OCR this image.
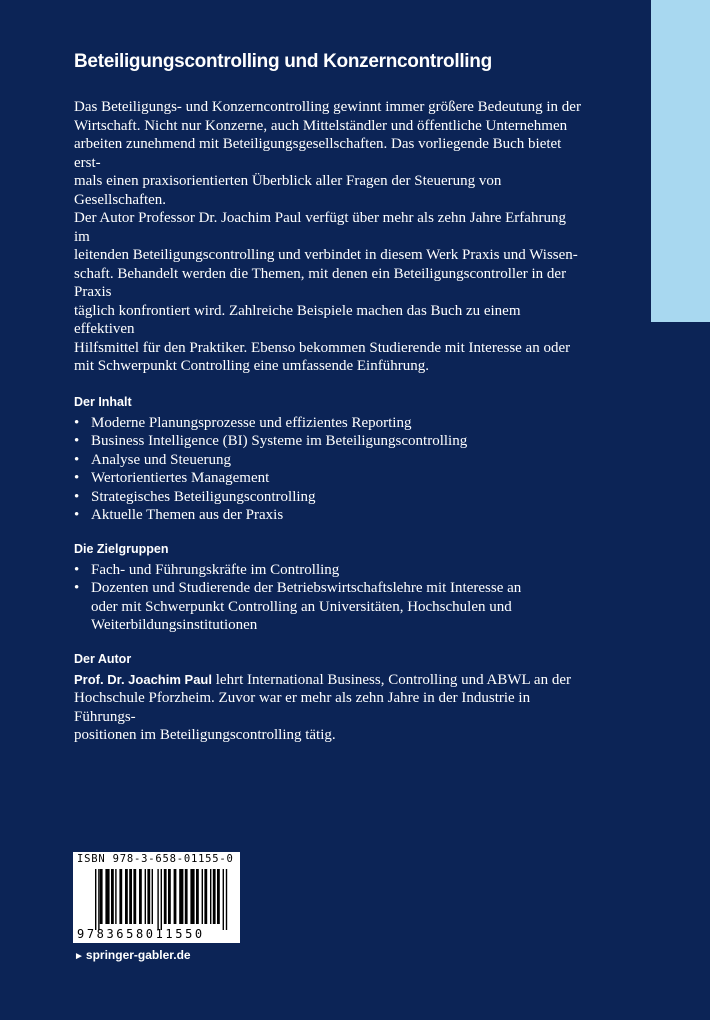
Beteiligungscontrolling und Konzerncontrolling

Das Beteiligungs- und Konzerncontrolling gewinnt immer größere Bedeutung in der

Wirtschaft. Nicht nur Konzerne, auch Mittelständler und öffentliche Unternehmen

arbeiten zunehmend mit Beteiligungsgesellschaften. Das vorliegende Buch bietet erst-

mals einen praxisorientierten Überblick aller Fragen der Steuerung von Gesellschaften.

Der Autor Professor Dr. Joachim Paul verfügt über mehr als zehn Jahre Erfahrung im

leitenden Beteiligungscontrolling und verbindet in diesem Werk Praxis und Wissen-

schaft. Behandelt werden die Themen, mit denen ein Beteiligungscontroller in der Praxis

täglich konfrontiert wird. Zahlreiche Beispiele machen das Buch zu einem effektiven

Hilfsmittel für den Praktiker. Ebenso bekommen Studierende mit Interesse an oder

mit Schwerpunkt Controlling eine umfassende Einführung.

Der Inhalt
• Moderne Planungsprozesse und effizientes Reporting
• Business Intelligence (BI) Systeme im Beteiligungscontrolling
• Analyse und Steuerung
• Wertorientiertes Management
• Strategisches Beteiligungscontrolling
• Aktuelle Themen aus der Praxis
Die Zielgruppen
• Fach- und Führungskräfte im Controlling
• Dozenten und Studierende der Betriebswirtschaftslehre mit Interesse an
oder mit Schwerpunkt Controlling an Universitäten, Hochschulen und
Weiterbildungsinstitutionen
Der Autor

Prof. Dr. Joachim Paul lehrt International Business, Controlling und ABWL an der

Hochschule Pforzheim. Zuvor war er mehr als zehn Jahre in der Industrie in Führungs-

positionen im Beteiligungscontrolling tätig.

ISBN 978-3-658-01155-0
9783658011550
► springer-gabler.de
